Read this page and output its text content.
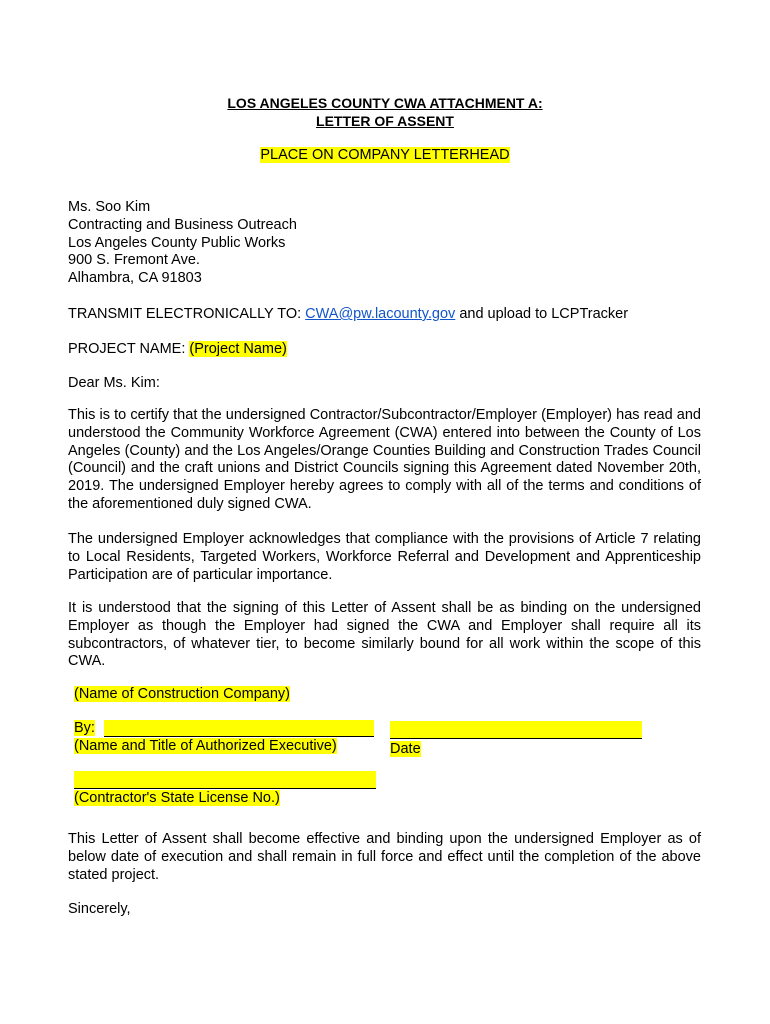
LOS ANGELES COUNTY CWA ATTACHMENT A:
LETTER OF ASSENT
PLACE ON COMPANY LETTERHEAD
Ms. Soo Kim
Contracting and Business Outreach
Los Angeles County Public Works
900 S. Fremont Ave.
Alhambra, CA 91803
TRANSMIT ELECTRONICALLY TO: CWA@pw.lacounty.gov and upload to LCPTracker
PROJECT NAME: (Project Name)
Dear Ms. Kim:
This is to certify that the undersigned Contractor/Subcontractor/Employer (Employer) has read and understood the Community Workforce Agreement (CWA) entered into between the County of Los Angeles (County) and the Los Angeles/Orange Counties Building and Construction Trades Council (Council) and the craft unions and District Councils signing this Agreement dated November 20th, 2019. The undersigned Employer hereby agrees to comply with all of the terms and conditions of the aforementioned duly signed CWA.
The undersigned Employer acknowledges that compliance with the provisions of Article 7 relating to Local Residents, Targeted Workers, Workforce Referral and Development and Apprenticeship Participation are of particular importance.
It is understood that the signing of this Letter of Assent shall be as binding on the undersigned Employer as though the Employer had signed the CWA and Employer shall require all its subcontractors, of whatever tier, to become similarly bound for all work within the scope of this CWA.
(Name of Construction Company)
By:
(Name and Title of Authorized Executive)	Date
(Contractor's State License No.)
This Letter of Assent shall become effective and binding upon the undersigned Employer as of below date of execution and shall remain in full force and effect until the completion of the above stated project.
Sincerely,
